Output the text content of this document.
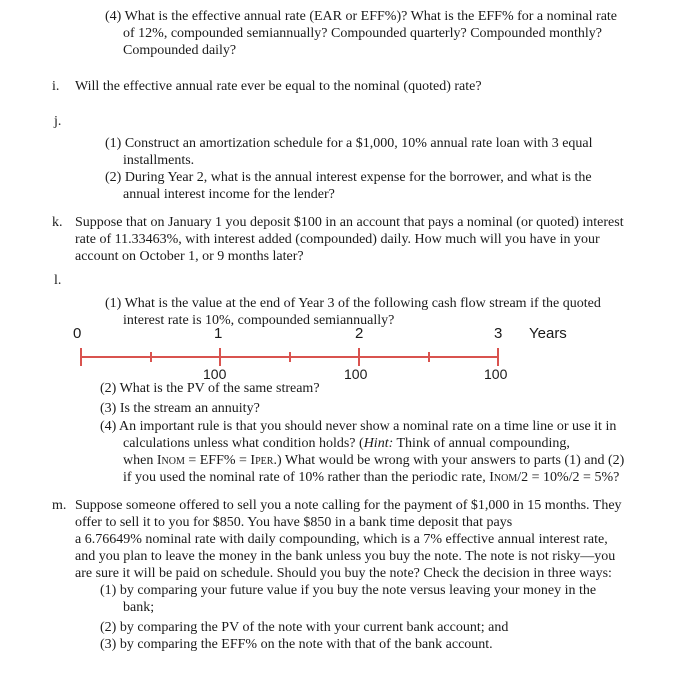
(4) What is the effective annual rate (EAR or EFF%)? What is the EFF% for a nominal rate
of 12%, compounded semiannually? Compounded quarterly? Compounded monthly?
Compounded daily?
i. Will the effective annual rate ever be equal to the nominal (quoted) rate?
j.
(1) Construct an amortization schedule for a $1,000, 10% annual rate loan with 3 equal
installments.
(2) During Year 2, what is the annual interest expense for the borrower, and what is the
annual interest income for the lender?
k. Suppose that on January 1 you deposit $100 in an account that pays a nominal (or quoted) interest
rate of 11.33463%, with interest added (compounded) daily. How much will you have in your
account on October 1, or 9 months later?
l.
(1) What is the value at the end of Year 3 of the following cash flow stream if the quoted
interest rate is 10%, compounded semiannually?
0	1	2	3 Years
100	100	100
(2) What is the PV of the same stream?
(3) Is the stream an annuity?
(4) An important rule is that you should never show a nominal rate on a time line or use it in
calculations unless what condition holds? (Hint: Think of annual compounding,
when INOM = EFF% = IPER.) What would be wrong with your answers to parts (1) and (2)
if you used the nominal rate of 10% rather than the periodic rate, INOM/2 = 10%/2 = 5%?
m. Suppose someone offered to sell you a note calling for the payment of $1,000 in 15 months. They
offer to sell it to you for $850. You have $850 in a bank time deposit that pays
a 6.76649% nominal rate with daily compounding, which is a 7% effective annual interest rate,
and you plan to leave the money in the bank unless you buy the note. The note is not risky—you
are sure it will be paid on schedule. Should you buy the note? Check the decision in three ways:
(1) by comparing your future value if you buy the note versus leaving your money in the
bank;
(2) by comparing the PV of the note with your current bank account; and
(3) by comparing the EFF% on the note with that of the bank account.
